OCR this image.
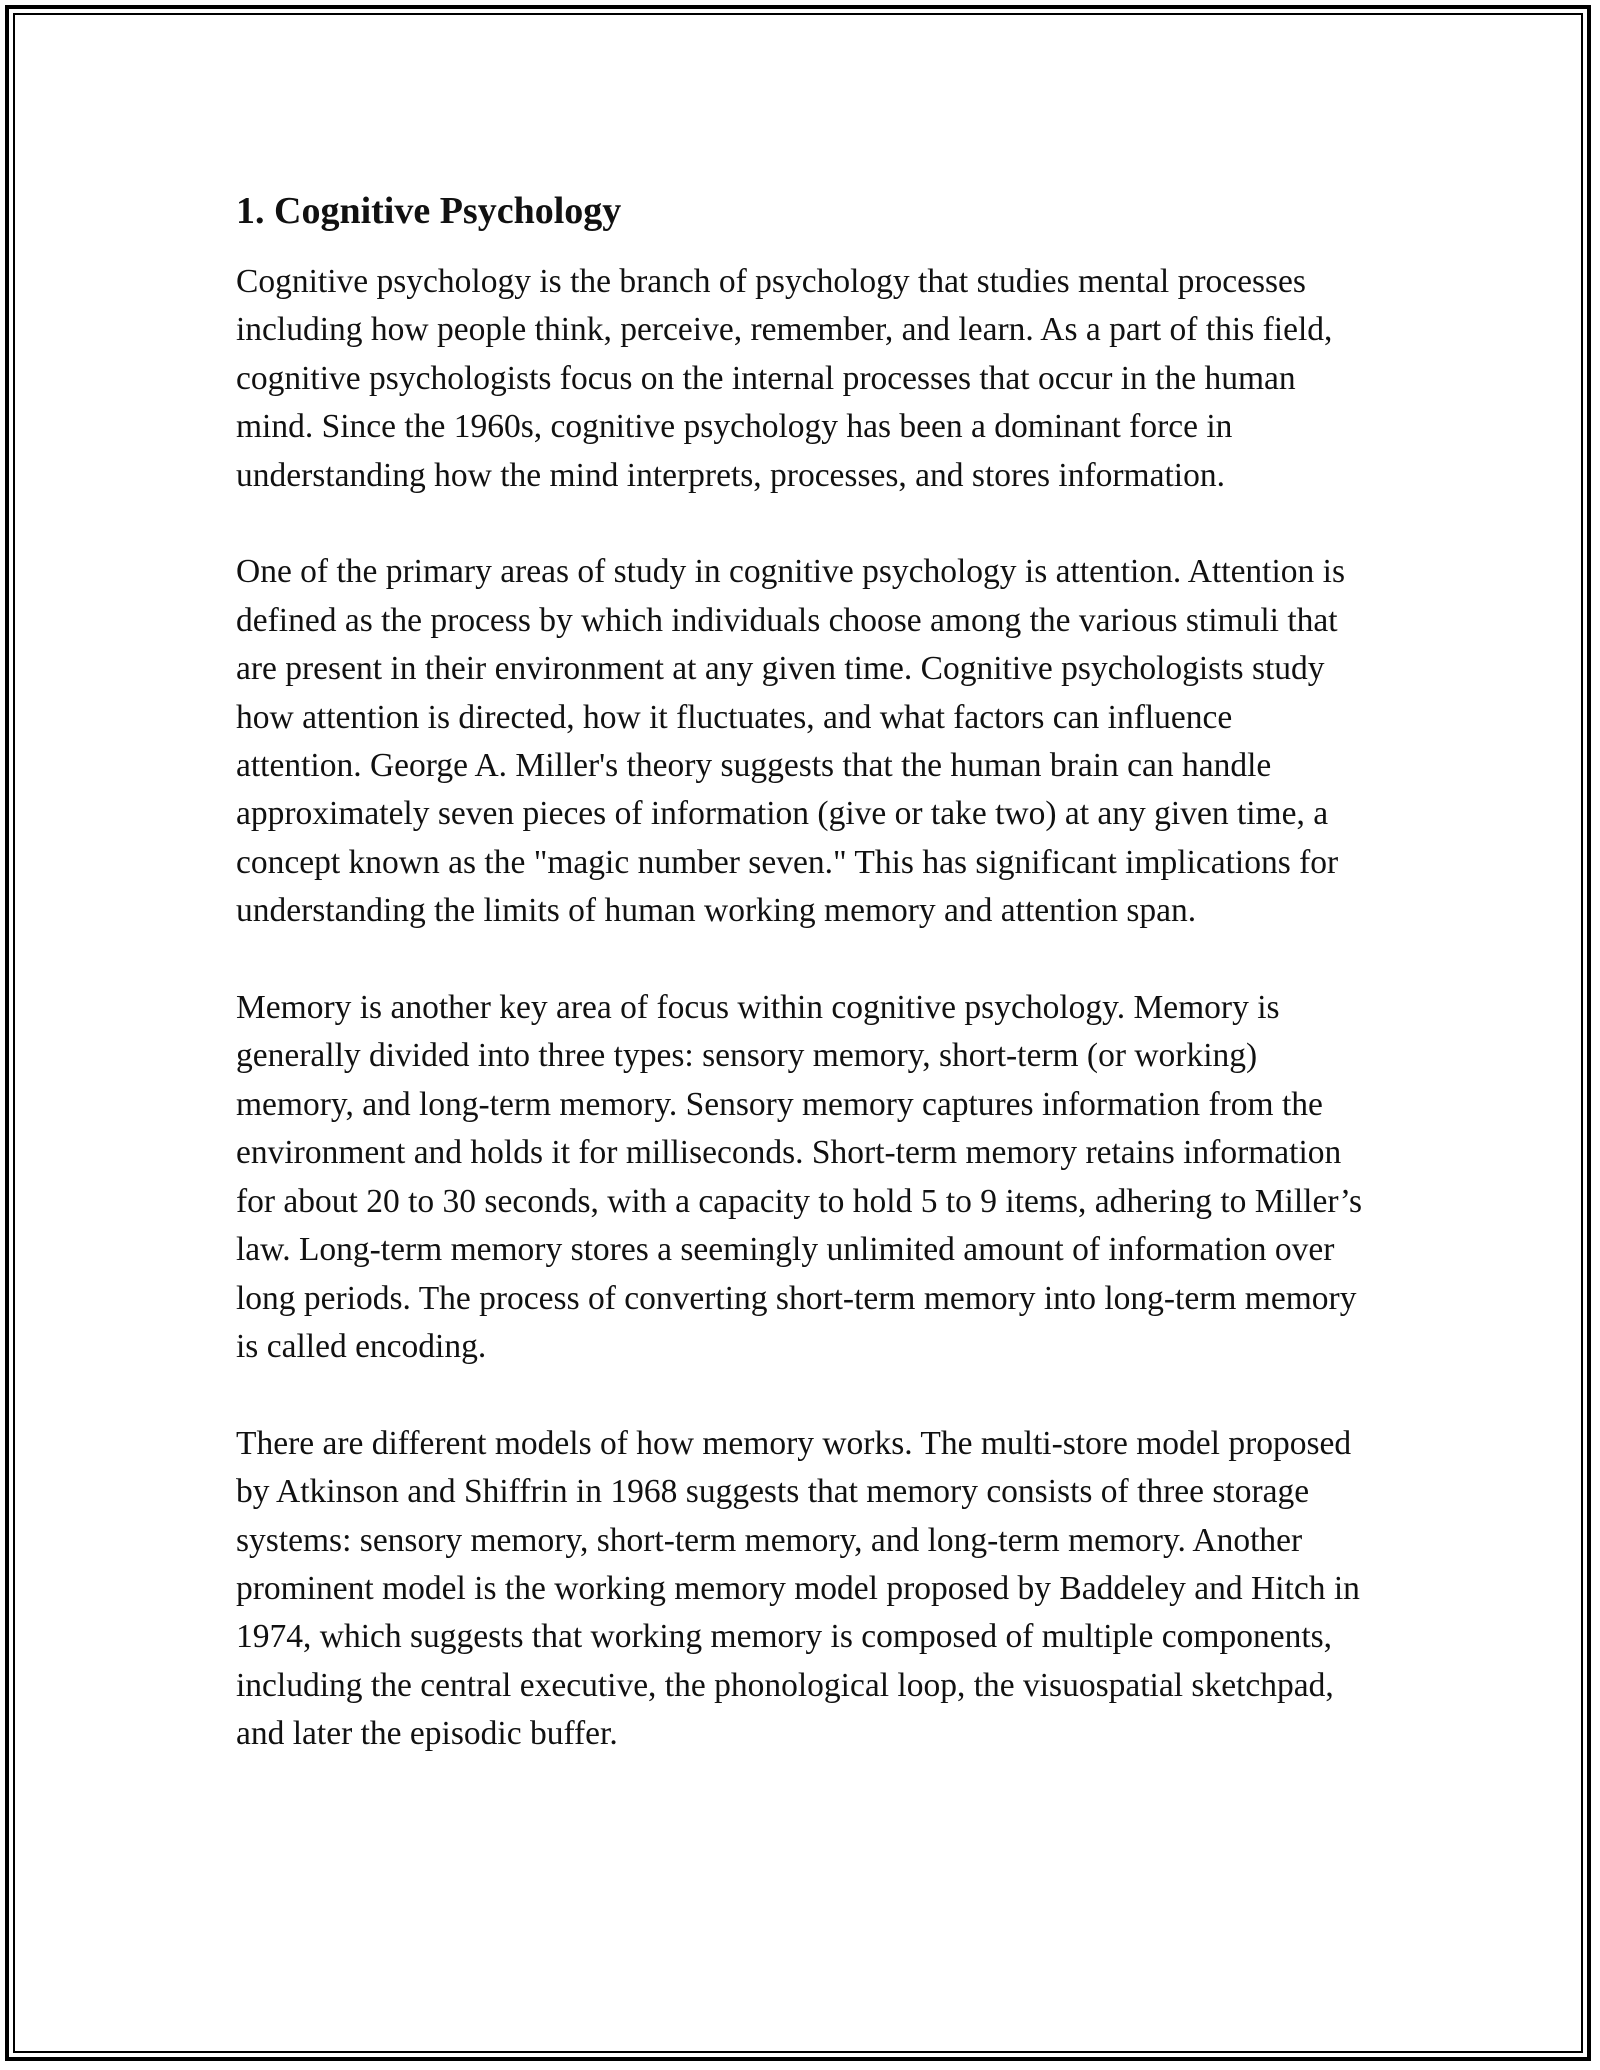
1. Cognitive Psychology

Cognitive psychology is the branch of psychology that studies mental processes including how people think, perceive, remember, and learn. As a part of this field, cognitive psychologists focus on the internal processes that occur in the human mind. Since the 1960s, cognitive psychology has been a dominant force in understanding how the mind interprets, processes, and stores information.

One of the primary areas of study in cognitive psychology is attention. Attention is defined as the process by which individuals choose among the various stimuli that are present in their environment at any given time. Cognitive psychologists study how attention is directed, how it fluctuates, and what factors can influence attention. George A. Miller's theory suggests that the human brain can handle approximately seven pieces of information (give or take two) at any given time, a concept known as the "magic number seven." This has significant implications for understanding the limits of human working memory and attention span.

Memory is another key area of focus within cognitive psychology. Memory is generally divided into three types: sensory memory, short-term (or working) memory, and long-term memory. Sensory memory captures information from the environment and holds it for milliseconds. Short-term memory retains information for about 20 to 30 seconds, with a capacity to hold 5 to 9 items, adhering to Miller’s law. Long-term memory stores a seemingly unlimited amount of information over long periods. The process of converting short-term memory into long-term memory is called encoding.

There are different models of how memory works. The multi-store model proposed by Atkinson and Shiffrin in 1968 suggests that memory consists of three storage systems: sensory memory, short-term memory, and long-term memory. Another prominent model is the working memory model proposed by Baddeley and Hitch in 1974, which suggests that working memory is composed of multiple components, including the central executive, the phonological loop, the visuospatial sketchpad, and later the episodic buffer.
